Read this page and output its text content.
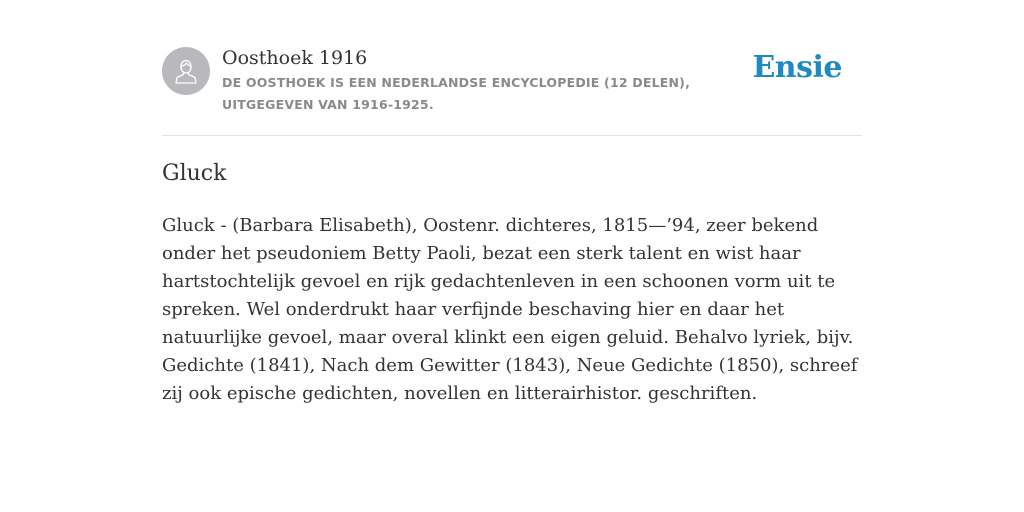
Oosthoek 1916
DE OOSTHOEK IS EEN NEDERLANDSE ENCYCLOPEDIE (12 DELEN), UITGEGEVEN VAN 1916-1925.
Ensie
Gluck

Gluck - (Barbara Elisabeth), Oostenr. dichteres, 1815—’94, zeer bekend onder het pseudoniem Betty Paoli, bezat een sterk talent en wist haar hartstochtelijk gevoel en rijk gedachtenleven in een schoonen vorm uit te spreken. Wel onderdrukt haar verfijnde beschaving hier en daar het natuurlijke gevoel, maar overal klinkt een eigen geluid. Behalvo lyriek, bijv. Gedichte (1841), Nach dem Gewitter (1843), Neue Gedichte (1850), schreef zij ook epische gedichten, novellen en litterairhistor. geschriften.
